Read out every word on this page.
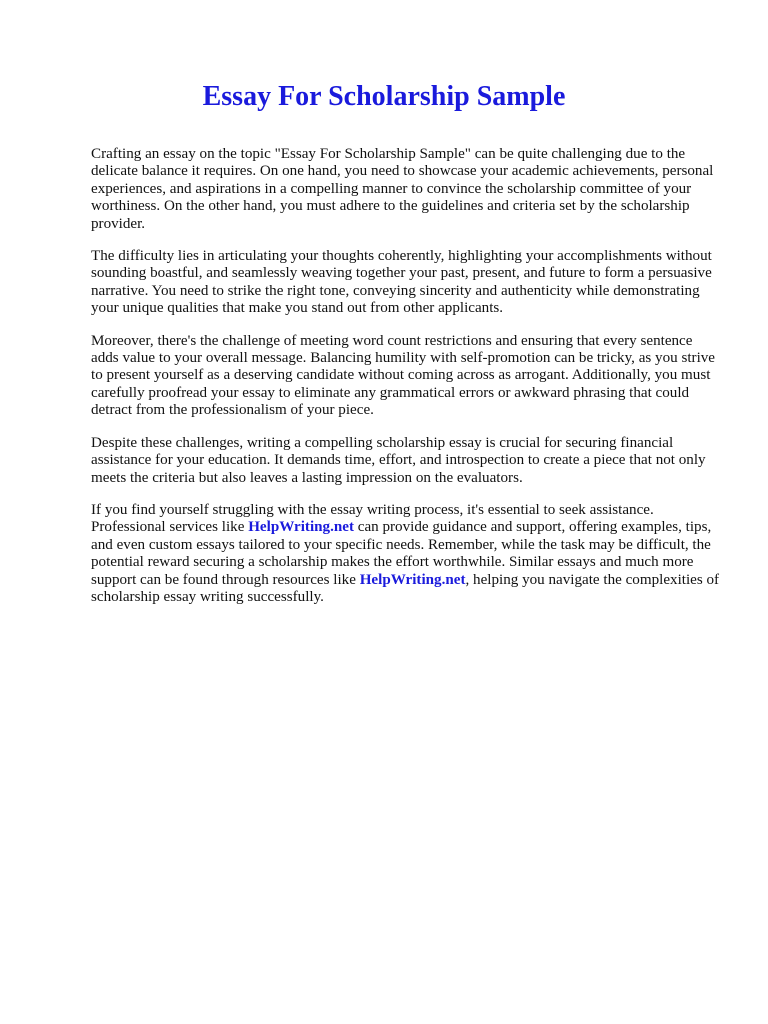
Essay For Scholarship Sample

Crafting an essay on the topic "Essay For Scholarship Sample" can be quite challenging due to the delicate balance it requires. On one hand, you need to showcase your academic achievements, personal experiences, and aspirations in a compelling manner to convince the scholarship committee of your worthiness. On the other hand, you must adhere to the guidelines and criteria set by the scholarship provider.

The difficulty lies in articulating your thoughts coherently, highlighting your accomplishments without sounding boastful, and seamlessly weaving together your past, present, and future to form a persuasive narrative. You need to strike the right tone, conveying sincerity and authenticity while demonstrating your unique qualities that make you stand out from other applicants.

Moreover, there's the challenge of meeting word count restrictions and ensuring that every sentence adds value to your overall message. Balancing humility with self-promotion can be tricky, as you strive to present yourself as a deserving candidate without coming across as arrogant. Additionally, you must carefully proofread your essay to eliminate any grammatical errors or awkward phrasing that could detract from the professionalism of your piece.

Despite these challenges, writing a compelling scholarship essay is crucial for securing financial assistance for your education. It demands time, effort, and introspection to create a piece that not only meets the criteria but also leaves a lasting impression on the evaluators.

If you find yourself struggling with the essay writing process, it's essential to seek assistance. Professional services like HelpWriting.net can provide guidance and support, offering examples, tips, and even custom essays tailored to your specific needs. Remember, while the task may be difficult, the potential reward securing a scholarship makes the effort worthwhile. Similar essays and much more support can be found through resources like HelpWriting.net, helping you navigate the complexities of scholarship essay writing successfully.
